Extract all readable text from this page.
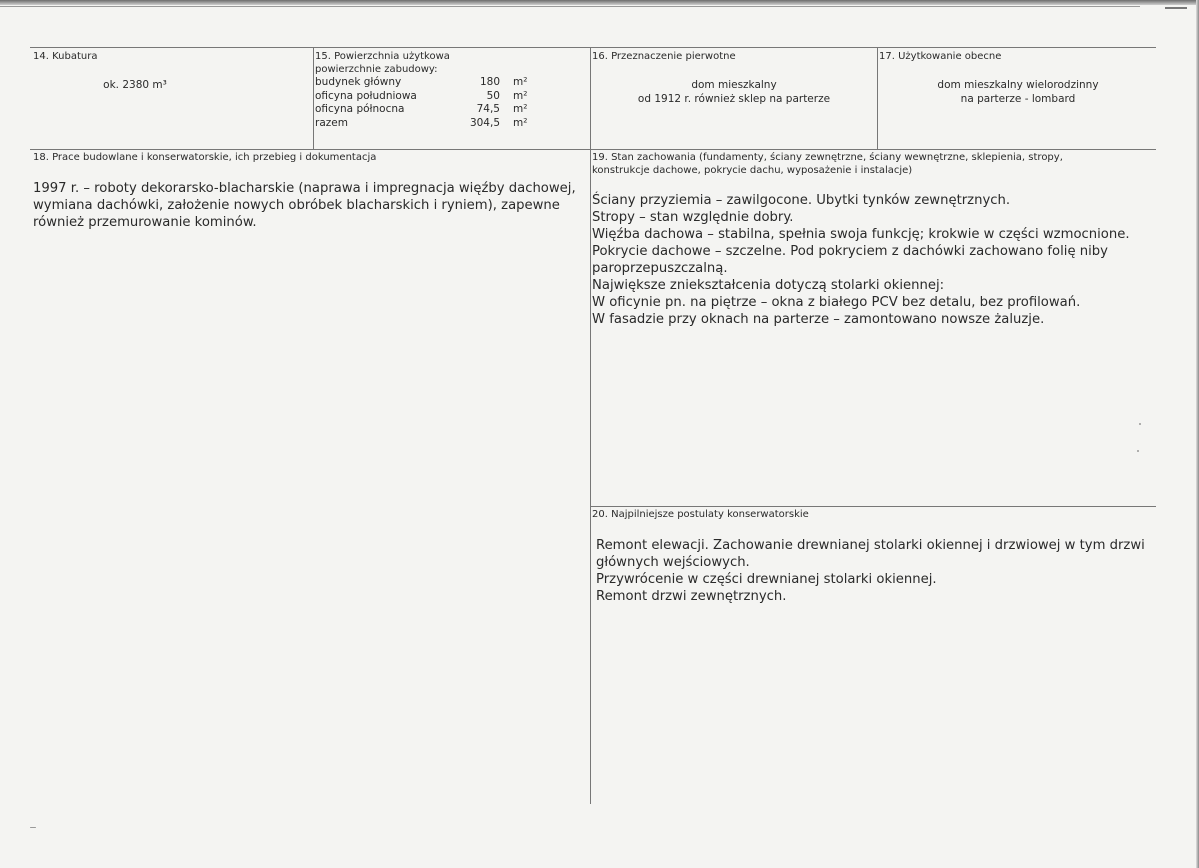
14. Kubatura
ok. 2380 m³
15. Powierzchnia użytkowa
powierzchnie zabudowy:
budynek główny	180 m²
oficyna południowa	50 m²
oficyna północna	74,5 m²
razem	304,5 m²
16. Przeznaczenie pierwotne
dom mieszkalny
od 1912 r. również sklep na parterze
17. Użytkowanie obecne
dom mieszkalny wielorodzinny
na parterze - lombard
18. Prace budowlane i konserwatorskie, ich przebieg i dokumentacja
1997 r. – roboty dekorarsko-blacharskie (naprawa i impregnacja więźby dachowej,
wymiana dachówki, założenie nowych obróbek blacharskich i ryniem), zapewne
również przemurowanie kominów.
19. Stan zachowania (fundamenty, ściany zewnętrzne, ściany wewnętrzne, sklepienia, stropy,
konstrukcje dachowe, pokrycie dachu, wyposażenie i instalacje)
Ściany przyziemia – zawilgocone. Ubytki tynków zewnętrznych.
Stropy – stan względnie dobry.
Więźba dachowa – stabilna, spełnia swoja funkcję; krokwie w części wzmocnione.
Pokrycie dachowe – szczelne. Pod pokryciem z dachówki zachowano folię niby
paroprzepuszczalną.
Największe zniekształcenia dotyczą stolarki okiennej:
W oficynie pn. na piętrze – okna z białego PCV bez detalu, bez profilowań.
W fasadzie przy oknach na parterze – zamontowano nowsze żaluzje.
20. Najpilniejsze postulaty konserwatorskie
Remont elewacji. Zachowanie drewnianej stolarki okiennej i drzwiowej w tym drzwi
głównych wejściowych.
Przywrócenie w części drewnianej stolarki okiennej.
Remont drzwi zewnętrznych.
